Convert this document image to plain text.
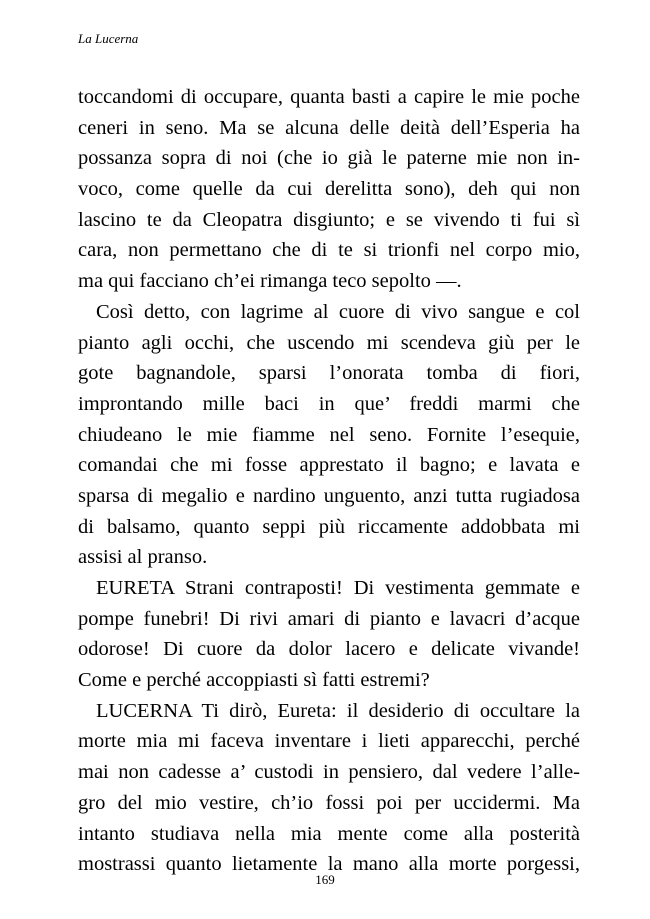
La Lucerna
toccandomi di occupare, quanta basti a capire le mie poche
ceneri in seno. Ma se alcuna delle deità dell’Esperia ha
possanza sopra di noi (che io già le paterne mie non in-
voco, come quelle da cui derelitta sono), deh qui non
lascino te da Cleopatra disgiunto; e se vivendo ti fui sì
cara, non permettano che di te si trionfi nel corpo mio,
ma qui facciano ch’ei rimanga teco sepolto —.
Così detto, con lagrime al cuore di vivo sangue e col
pianto agli occhi, che uscendo mi scendeva giù per le
gote bagnandole, sparsi l’onorata tomba di fiori,
improntando mille baci in que’ freddi marmi che
chiudeano le mie fiamme nel seno. Fornite l’esequie,
comandai che mi fosse apprestato il bagno; e lavata e
sparsa di megalio e nardino unguento, anzi tutta rugiadosa
di balsamo, quanto seppi più riccamente addobbata mi
assisi al pranso.
EURETA Strani contraposti! Di vestimenta gemmate e
pompe funebri! Di rivi amari di pianto e lavacri d’acque
odorose! Di cuore da dolor lacero e delicate vivande!
Come e perché accoppiasti sì fatti estremi?
LUCERNA Ti dirò, Eureta: il desiderio di occultare la
morte mia mi faceva inventare i lieti apparecchi, perché
mai non cadesse a’ custodi in pensiero, dal vedere l’alle-
gro del mio vestire, ch’io fossi poi per uccidermi. Ma
intanto studiava nella mia mente come alla posterità
mostrassi quanto lietamente la mano alla morte porgessi,
169
